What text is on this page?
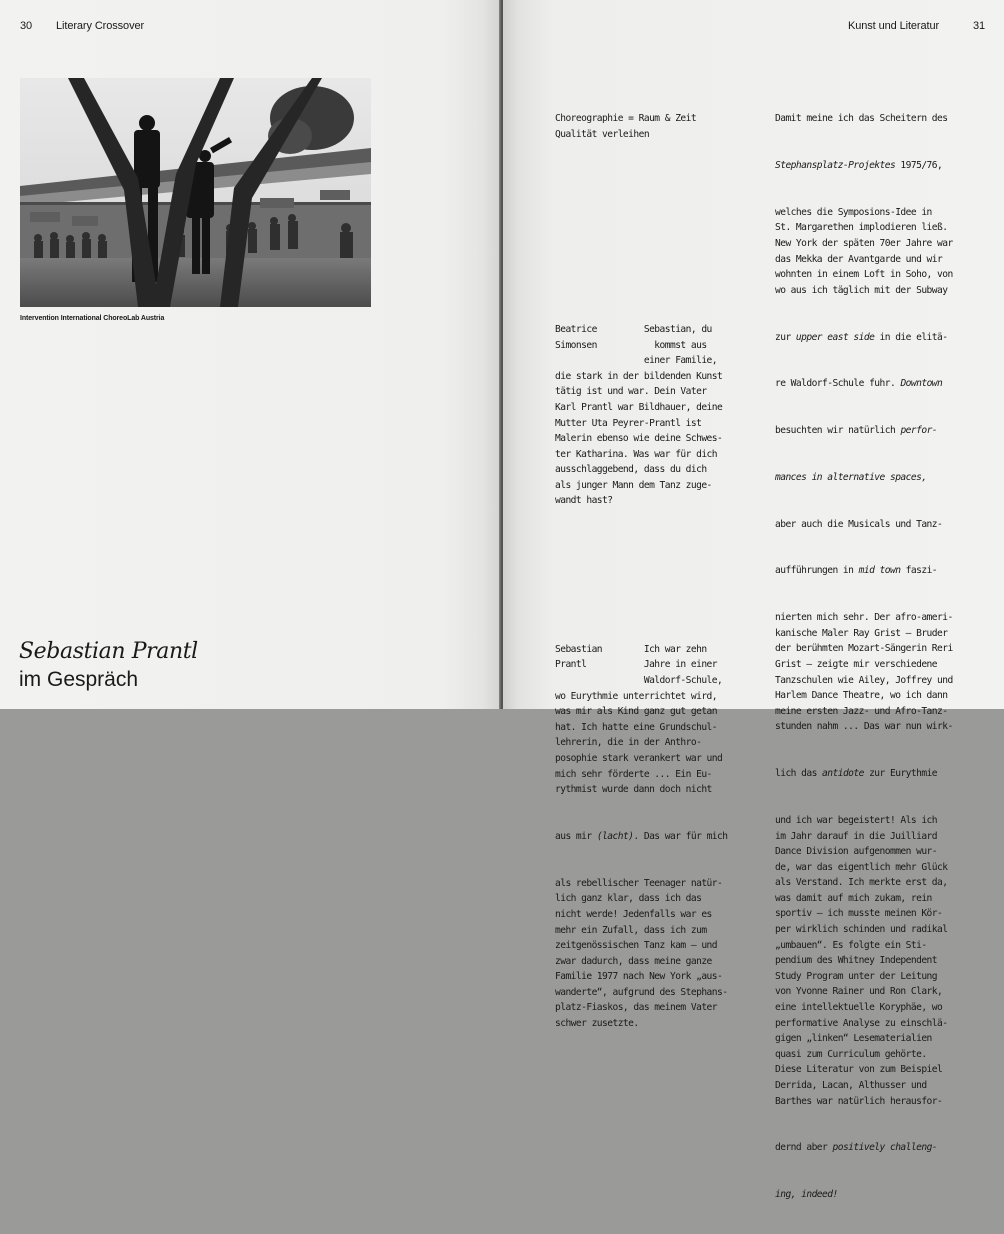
30 Literary Crossover
Intervention International ChoreoLab Austria
Sebastian Prantl
im Gespräch
Kunst und Literatur	31

Choreographie = Raum & Zeit
Qualität verleihen

Beatrice         Sebastian, du
Simonsen           kommst aus
einer Familie,
die stark in der bildenden Kunst
tätig ist und war. Dein Vater
Karl Prantl war Bildhauer, deine
Mutter Uta Peyrer-Prantl ist
Malerin ebenso wie deine Schwes-
ter Katharina. Was war für dich
ausschlaggebend, dass du dich
als junger Mann dem Tanz zuge-
wandt hast?

Sebastian        Ich war zehn
Prantl           Jahre in einer
Waldorf-Schule,
wo Eurythmie unterrichtet wird,
was mir als Kind ganz gut getan
hat. Ich hatte eine Grundschul-
lehrerin, die in der Anthro-
posophie stark verankert war und
mich sehr förderte ... Ein Eu-
rythmist wurde dann doch nicht

aus mir (lacht). Das war für mich

als rebellischer Teenager natür-
lich ganz klar, dass ich das
nicht werde! Jedenfalls war es
mehr ein Zufall, dass ich zum
zeitgenössischen Tanz kam – und
zwar dadurch, dass meine ganze
Familie 1977 nach New York „aus-
wanderte“, aufgrund des Stephans-
platz-Fiaskos, das meinem Vater
schwer zusetzte.

Damit meine ich das Scheitern des

Stephansplatz-Projektes 1975/76,

welches die Symposions-Idee in
St. Margarethen implodieren ließ.
New York der späten 70er Jahre war
das Mekka der Avantgarde und wir
wohnten in einem Loft in Soho, von
wo aus ich täglich mit der Subway

zur upper east side in die elitä-

re Waldorf-Schule fuhr. Downtown

besuchten wir natürlich perfor-

mances in alternative spaces,

aber auch die Musicals und Tanz-

aufführungen in mid town faszi-

nierten mich sehr. Der afro-ameri-
kanische Maler Ray Grist – Bruder
der berühmten Mozart-Sängerin Reri
Grist – zeigte mir verschiedene
Tanzschulen wie Ailey, Joffrey und
Harlem Dance Theatre, wo ich dann
meine ersten Jazz- und Afro-Tanz-
stunden nahm ... Das war nun wirk-

lich das antidote zur Eurythmie

und ich war begeistert! Als ich
im Jahr darauf in die Juilliard
Dance Division aufgenommen wur-
de, war das eigentlich mehr Glück
als Verstand. Ich merkte erst da,
was damit auf mich zukam, rein
sportiv – ich musste meinen Kör-
per wirklich schinden und radikal
„umbauen“. Es folgte ein Sti-
pendium des Whitney Independent
Study Program unter der Leitung
von Yvonne Rainer und Ron Clark,
eine intellektuelle Koryphäe, wo
performative Analyse zu einschlä-
gigen „linken“ Lesematerialien
quasi zum Curriculum gehörte.
Diese Literatur von zum Beispiel
Derrida, Lacan, Althusser und
Barthes war natürlich herausfor-

dernd aber positively challeng-

ing, indeed!
